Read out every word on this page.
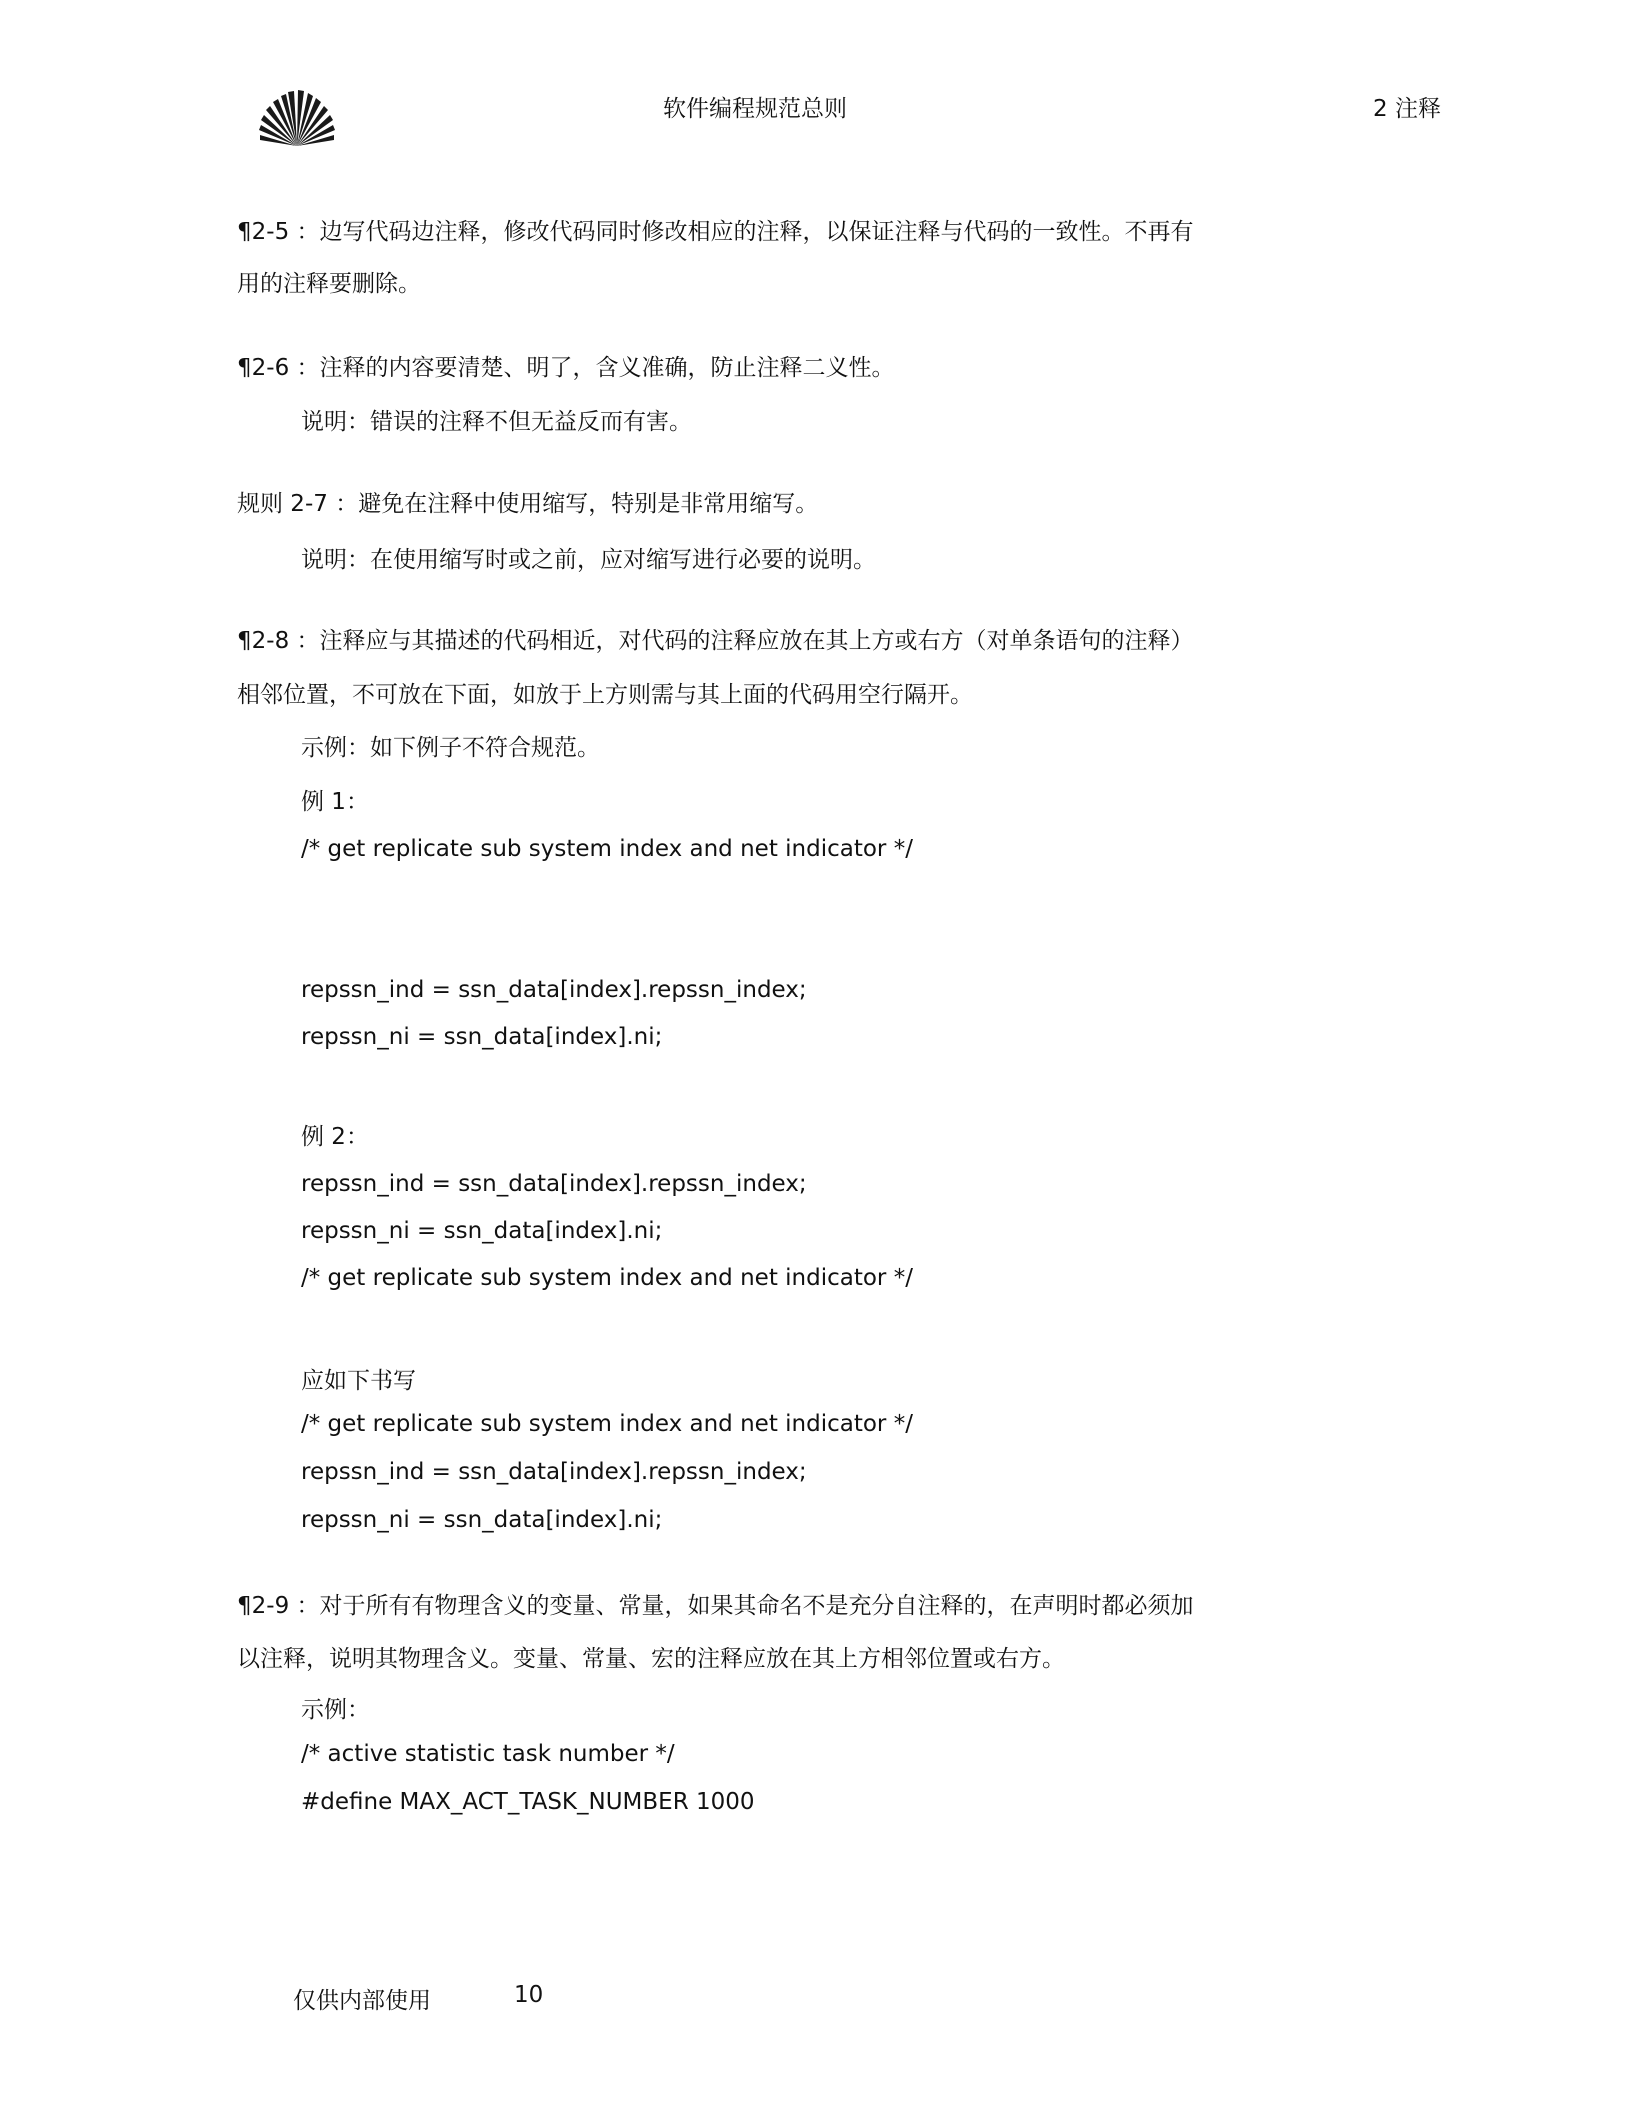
软件编程规范总则	2 注释
¶2-5 ：边写代码边注释，修改代码同时修改相应的注释，以保证注释与代码的一致性。不再有
用的注释要删除。
¶2-6 ：注释的内容要清楚、明了，含义准确，防止注释二义性。
说明：错误的注释不但无益反而有害。
规则 2-7 ：避免在注释中使用缩写，特别是非常用缩写。
说明：在使用缩写时或之前，应对缩写进行必要的说明。
¶2-8 ：注释应与其描述的代码相近，对代码的注释应放在其上方或右方（对单条语句的注释）
相邻位置，不可放在下面，如放于上方则需与其上面的代码用空行隔开。
示例：如下例子不符合规范。
例 1：
/* get replicate sub system index and net indicator */
repssn_ind = ssn_data[index].repssn_index;
repssn_ni = ssn_data[index].ni;
例 2：
repssn_ind = ssn_data[index].repssn_index;
repssn_ni = ssn_data[index].ni;
/* get replicate sub system index and net indicator */
应如下书写
/* get replicate sub system index and net indicator */
repssn_ind = ssn_data[index].repssn_index;
repssn_ni = ssn_data[index].ni;
¶2-9 ：对于所有有物理含义的变量、常量，如果其命名不是充分自注释的，在声明时都必须加
以注释，说明其物理含义。变量、常量、宏的注释应放在其上方相邻位置或右方。
示例：
/* active statistic task number */
#define MAX_ACT_TASK_NUMBER 1000
仅供内部使用	10
